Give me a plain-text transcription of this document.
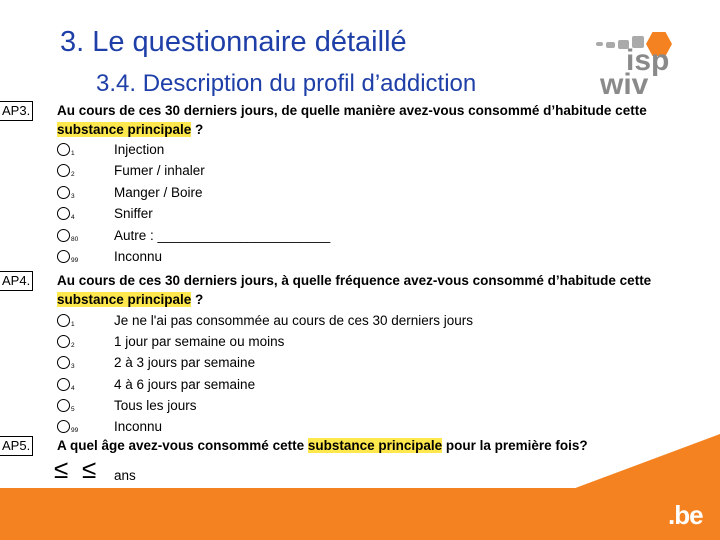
3. Le questionnaire détaillé
3.4. Description du profil d’addiction
isp
wiv
AP3. Au cours de ces 30 derniers jours, de quelle manière avez-vous consommé d’habitude cette substance principale ?
1	Injection
2	Fumer / inhaler
3	Manger / Boire
4	Sniffer
80	Autre : _______________________
99	Inconnu
AP4. Au cours de ces 30 derniers jours, à quelle fréquence avez-vous consommé d’habitude cette substance principale ?
1	Je ne l'ai pas consommée au cours de ces 30 derniers jours
2	1 jour par semaine ou moins
3	2 à 3 jours par semaine
4	4 à 6 jours par semaine
5	Tous les jours
99	Inconnu
AP5. A quel âge avez-vous consommé cette substance principale pour la première fois?
≤ ≤ ans
.be
